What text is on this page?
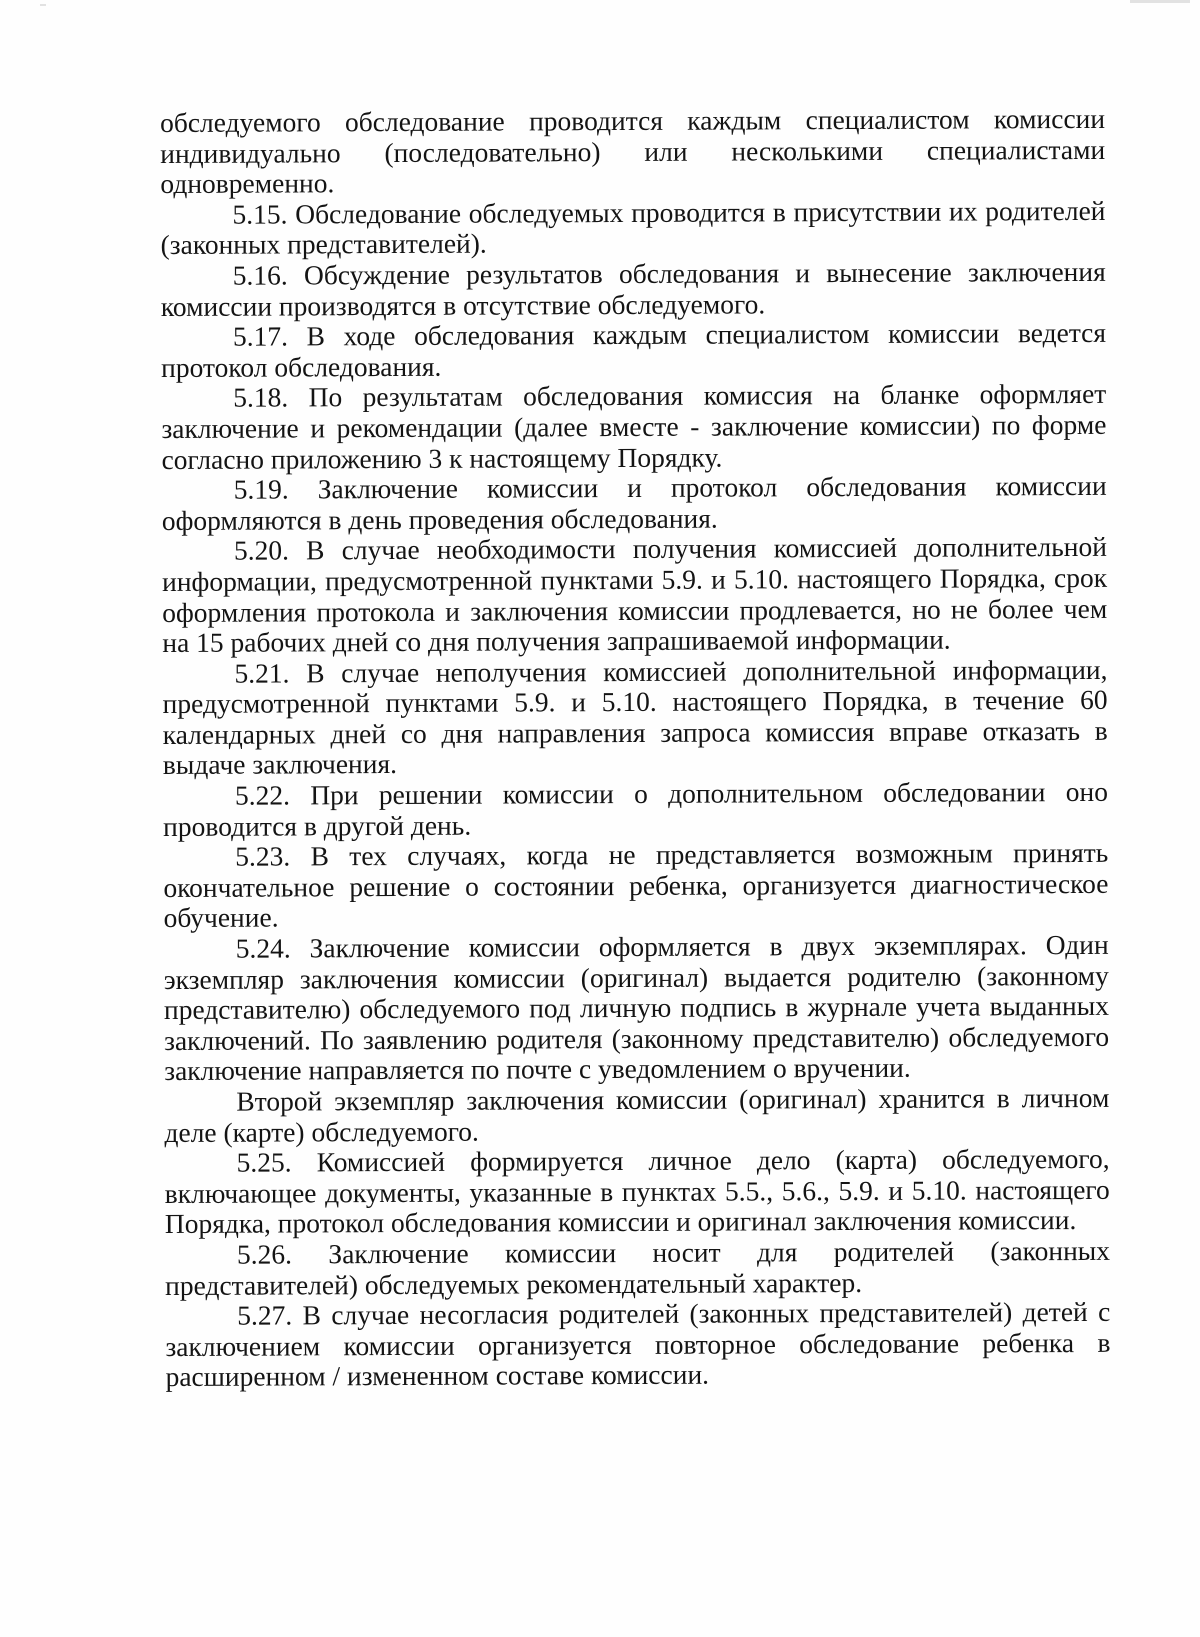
обследуемого обследование проводится каждым специалистом комиссии индивидуально (последовательно) или несколькими специалистами одновременно.

5.15. Обследование обследуемых проводится в присутствии их родителей (законных представителей).

5.16. Обсуждение результатов обследования и вынесение заключения комиссии производятся в отсутствие обследуемого.

5.17. В ходе обследования каждым специалистом комиссии ведется протокол обследования.

5.18. По результатам обследования комиссия на бланке оформляет заключение и рекомендации (далее вместе - заключение комиссии) по форме согласно приложению 3 к настоящему Порядку.

5.19. Заключение комиссии и протокол обследования комиссии оформляются в день проведения обследования.

5.20. В случае необходимости получения комиссией дополнительной информации, предусмотренной пунктами 5.9. и 5.10. настоящего Порядка, срок оформления протокола и заключения комиссии продлевается, но не более чем на 15 рабочих дней со дня получения запрашиваемой информации.

5.21. В случае неполучения комиссией дополнительной информации, предусмотренной пунктами 5.9. и 5.10. настоящего Порядка, в течение 60 календарных дней со дня направления запроса комиссия вправе отказать в выдаче заключения.

5.22. При решении комиссии о дополнительном обследовании оно проводится в другой день.

5.23. В тех случаях, когда не представляется возможным принять окончательное решение о состоянии ребенка, организуется диагностическое обучение.

5.24. Заключение комиссии оформляется в двух экземплярах. Один экземпляр заключения комиссии (оригинал) выдается родителю (законному представителю) обследуемого под личную подпись в журнале учета выданных заключений. По заявлению родителя (законному представителю) обследуемого заключение направляется по почте с уведомлением о вручении.

Второй экземпляр заключения комиссии (оригинал) хранится в личном деле (карте) обследуемого.

5.25. Комиссией формируется личное дело (карта) обследуемого, включающее документы, указанные в пунктах 5.5., 5.6., 5.9. и 5.10. настоящего Порядка, протокол обследования комиссии и оригинал заключения комиссии.

5.26. Заключение комиссии носит для родителей (законных представителей) обследуемых рекомендательный характер.

5.27. В случае несогласия родителей (законных представителей) детей с заключением комиссии организуется повторное обследование ребенка в расширенном / измененном составе комиссии.
